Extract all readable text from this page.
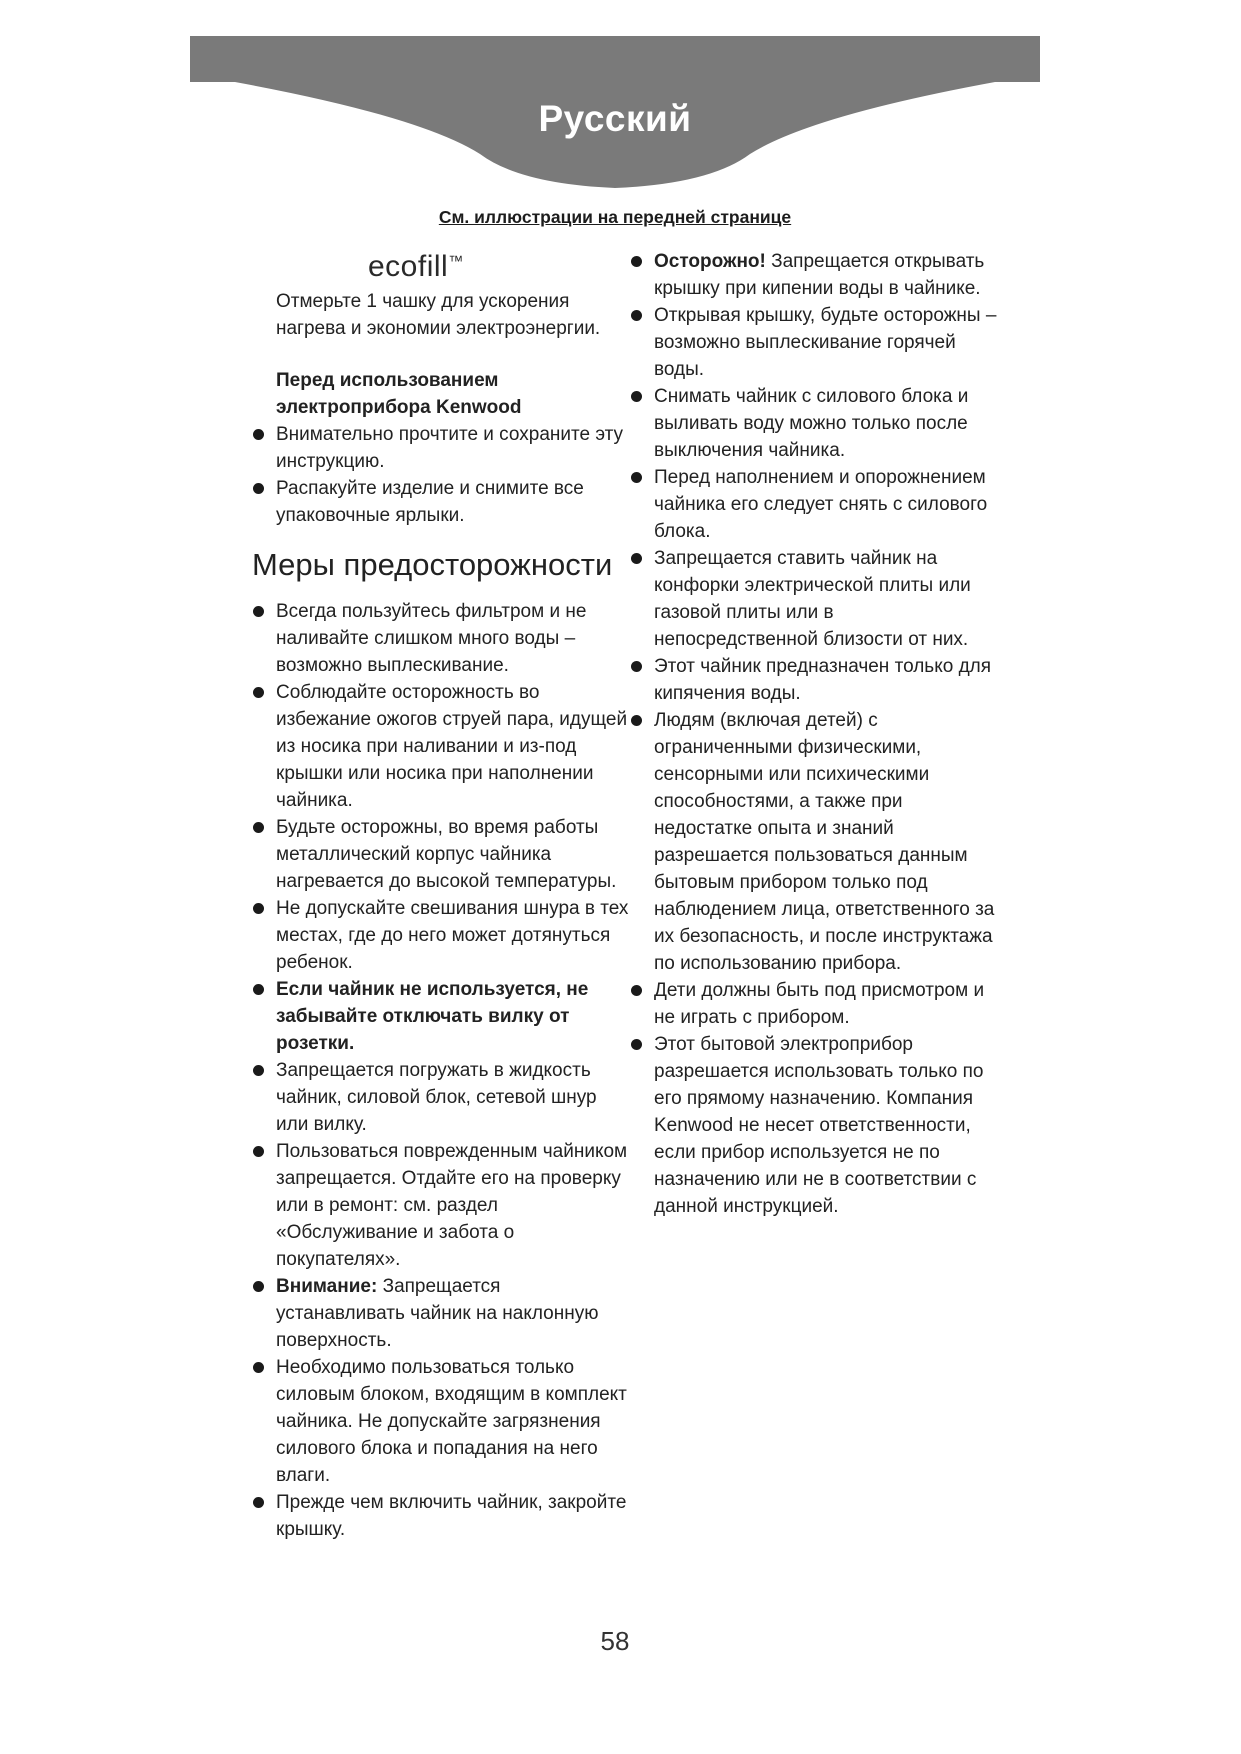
Русский
См. иллюстрации на передней странице
ecofill™
Отмерьте 1 чашку для ускорения нагрева и экономии электроэнергии.
Перед использованием электроприбора Kenwood
Внимательно прочтите и сохраните эту инструкцию.
Распакуйте изделие и снимите все упаковочные ярлыки.
Меры предосторожности
Всегда пользуйтесь фильтром и не наливайте слишком много воды – возможно выплескивание.
Соблюдайте осторожность во избежание ожогов струей пара, идущей из носика при наливании и из-под крышки или носика при наполнении чайника.
Будьте осторожны, во время работы металлический корпус чайника нагревается до высокой температуры.
Не допускайте свешивания шнура в тех местах, где до него может дотянуться ребенок.
Если чайник не используется, не забывайте отключать вилку от розетки.
Запрещается погружать в жидкость чайник, силовой блок, сетевой шнур или вилку.
Пользоваться поврежденным чайником запрещается. Отдайте его на проверку или в ремонт: см. раздел «Обслуживание и забота о покупателях».
Внимание: Запрещается устанавливать чайник на наклонную поверхность.
Необходимо пользоваться только силовым блоком, входящим в комплект чайника. Не допускайте загрязнения силового блока и попадания на него влаги.
Прежде чем включить чайник, закройте крышку.
Осторожно! Запрещается открывать крышку при кипении воды в чайнике.
Открывая крышку, будьте осторожны – возможно выплескивание горячей воды.
Снимать чайник с силового блока и выливать воду можно только после выключения чайника.
Перед наполнением и опорожнением чайника его следует снять с силового блока.
Запрещается ставить чайник на конфорки электрической плиты или газовой плиты или в непосредственной близости от них.
Этот чайник предназначен только для кипячения воды.
Людям (включая детей) с ограниченными физическими, сенсорными или психическими способностями, а также при недостатке опыта и знаний разрешается пользоваться данным бытовым прибором только под наблюдением лица, ответственного за их безопасность, и после инструктажа по использованию прибора.
Дети должны быть под присмотром и не играть с прибором.
Этот бытовой электроприбор разрешается использовать только по его прямому назначению. Компания Kenwood не несет ответственности, если прибор используется не по назначению или не в соответствии с данной инструкцией.
58
